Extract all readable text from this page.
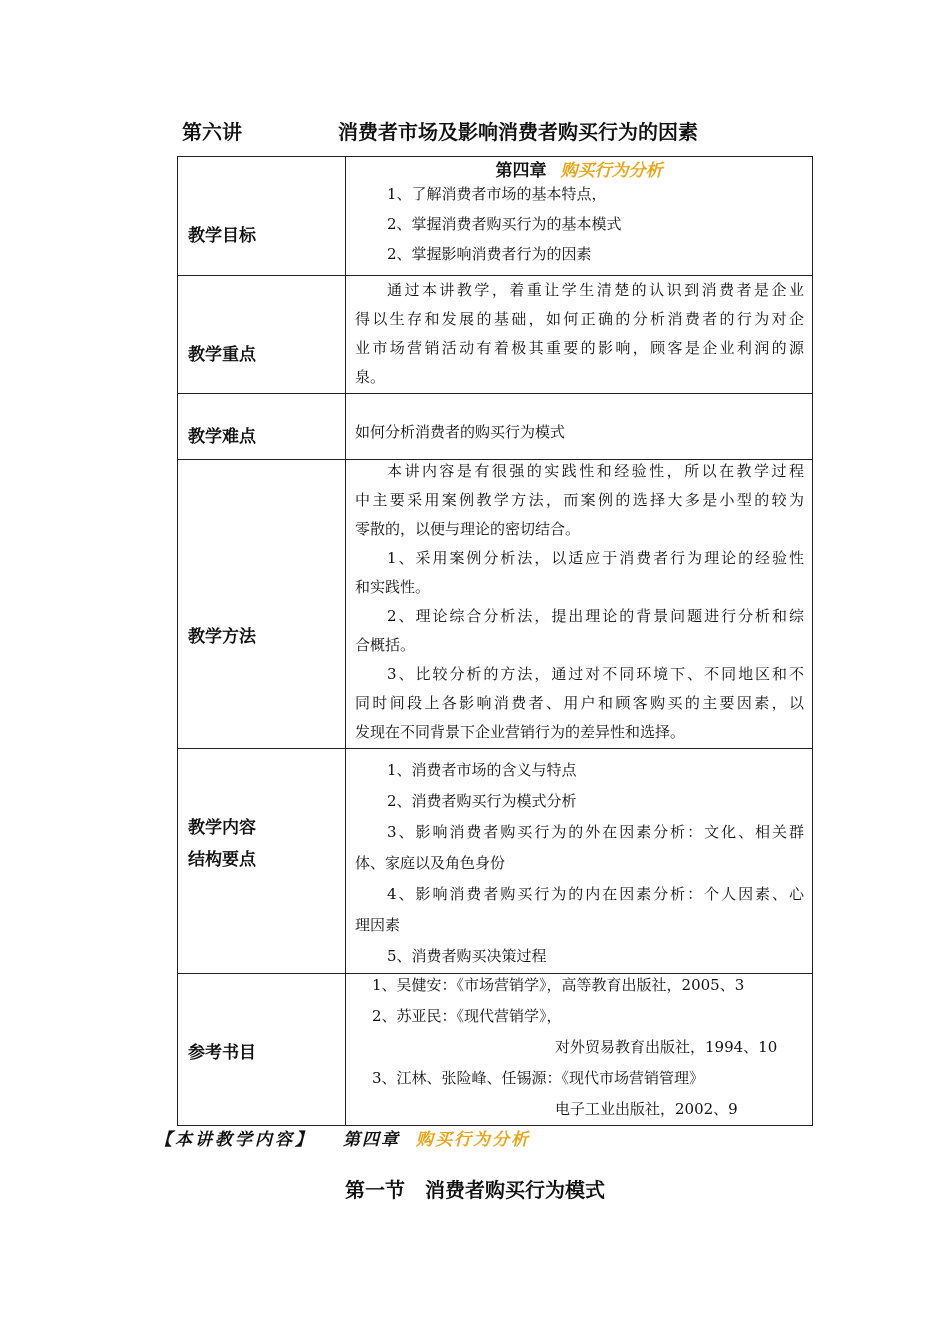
第六讲	消费者市场及影响消费者购买行为的因素
教学目标
第四章 购买行为分析
1、了解消费者市场的基本特点，
2、掌握消费者购买行为的基本模式
2、掌握影响消费者行为的因素
教学重点
通过本讲教学，着重让学生清楚的认识到消费者是企业
得以生存和发展的基础，如何正确的分析消费者的行为对企
业市场营销活动有着极其重要的影响，顾客是企业利润的源
泉。
教学难点	如何分析消费者的购买行为模式
教学方法
本讲内容是有很强的实践性和经验性，所以在教学过程
中主要采用案例教学方法，而案例的选择大多是小型的较为
零散的，以便与理论的密切结合。
1、采用案例分析法，以适应于消费者行为理论的经验性
和实践性。
2、理论综合分析法，提出理论的背景问题进行分析和综
合概括。
3、比较分析的方法，通过对不同环境下、不同地区和不
同时间段上各影响消费者、用户和顾客购买的主要因素，以
发现在不同背景下企业营销行为的差异性和选择。
教学内容
结构要点
1、消费者市场的含义与特点
2、消费者购买行为模式分析
3、影响消费者购买行为的外在因素分析：文化、相关群
体、家庭以及角色身份
4、影响消费者购买行为的内在因素分析：个人因素、心
理因素
5、消费者购买决策过程
参考书目
1、吴健安：《市场营销学》，高等教育出版社，2005、3
2、苏亚民：《现代营销学》，
对外贸易教育出版社，1994、10
3、江林、张险峰、任锡源：《现代市场营销管理》
电子工业出版社，2002、9
【本讲教学内容】 第四章 购买行为分析
第一节　消费者购买行为模式
